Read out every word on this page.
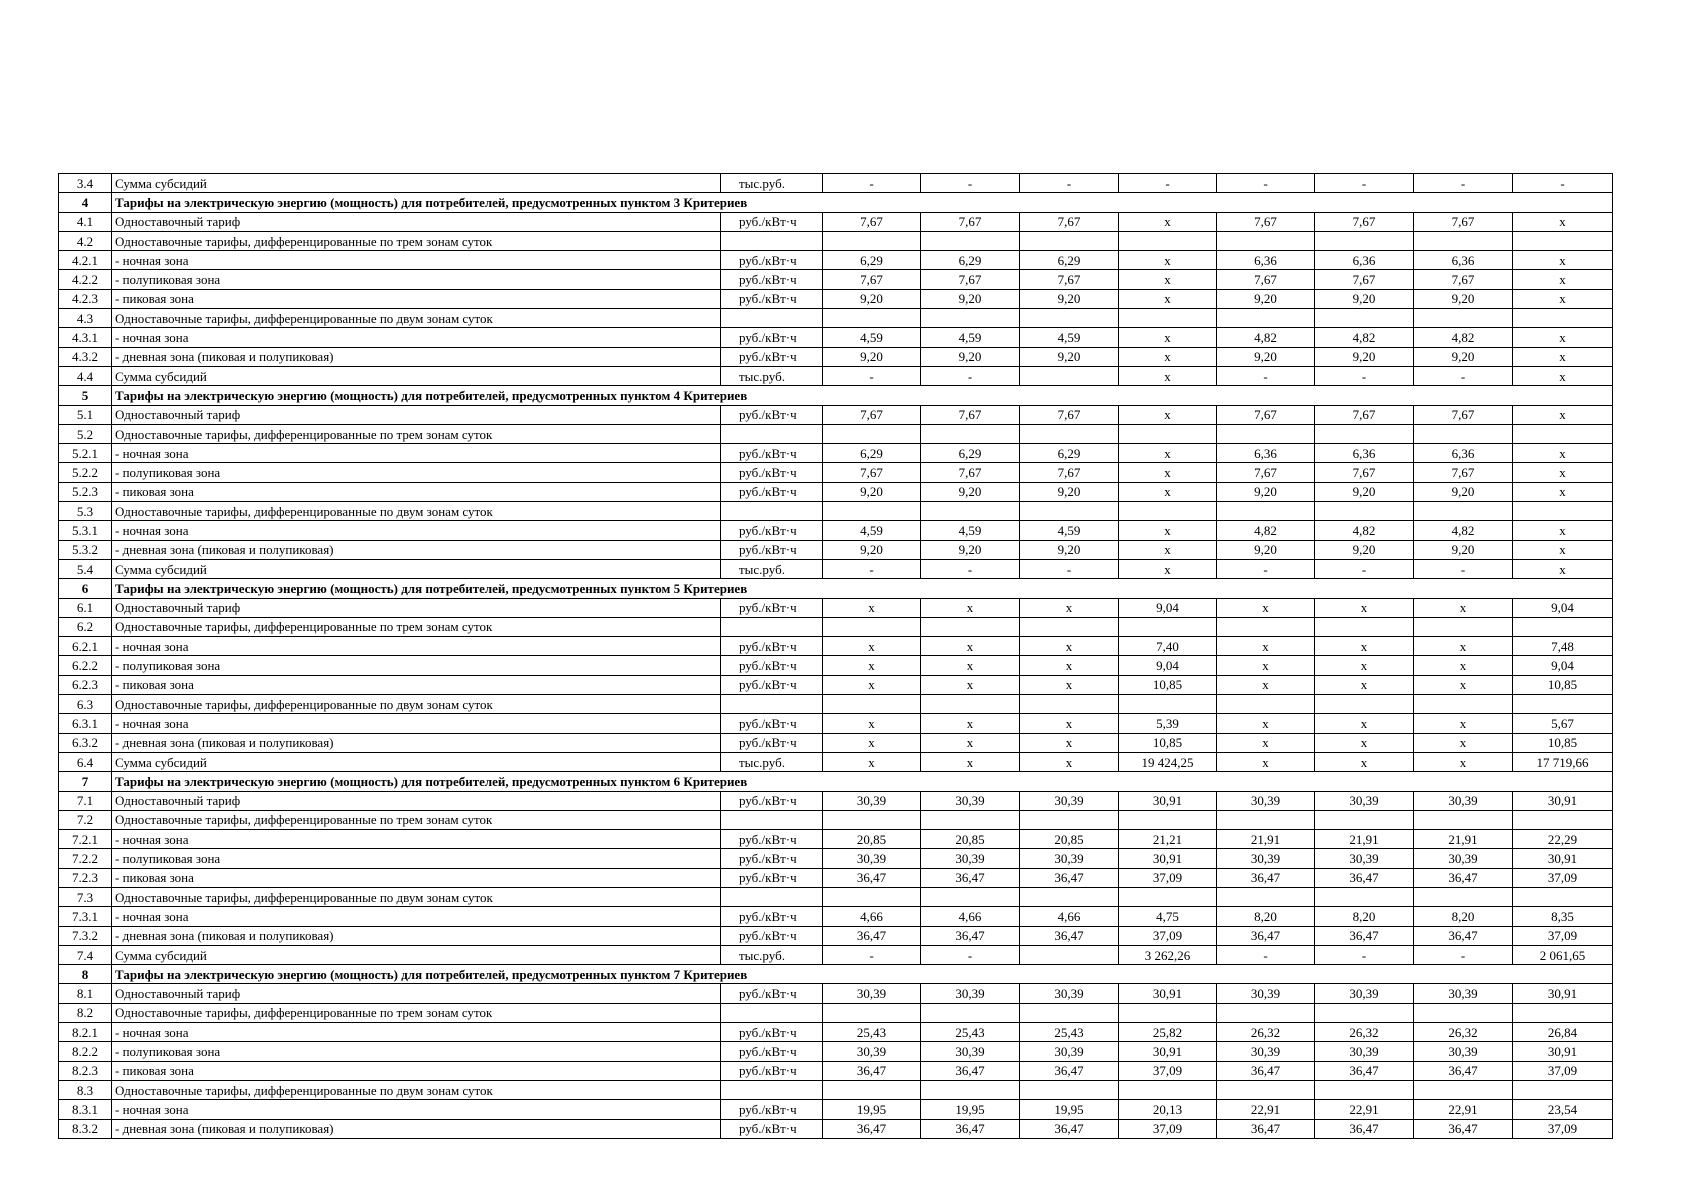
3.4	Сумма субсидий	тыс.руб.	-	-	-	-	-	-	-	-
4	Тарифы на электрическую энергию (мощность) для потребителей, предусмотренных пунктом 3 Критериев									
4.1	Одноставочный тариф	руб./кВт·ч	7,67	7,67	7,67	х	7,67	7,67	7,67	х
4.2	Одноставочные тарифы, дифференцированные по трем зонам суток									
4.2.1	- ночная зона	руб./кВт·ч	6,29	6,29	6,29	х	6,36	6,36	6,36	х
4.2.2	- полупиковая зона	руб./кВт·ч	7,67	7,67	7,67	х	7,67	7,67	7,67	х
4.2.3	- пиковая зона	руб./кВт·ч	9,20	9,20	9,20	х	9,20	9,20	9,20	х
4.3	Одноставочные тарифы, дифференцированные по двум зонам суток									
4.3.1	- ночная зона	руб./кВт·ч	4,59	4,59	4,59	х	4,82	4,82	4,82	х
4.3.2	- дневная зона (пиковая и полупиковая)	руб./кВт·ч	9,20	9,20	9,20	х	9,20	9,20	9,20	х
4.4	Сумма субсидий	тыс.руб.	-	-		х	-	-	-	х
5	Тарифы на электрическую энергию (мощность) для потребителей, предусмотренных пунктом 4 Критериев									
5.1	Одноставочный тариф	руб./кВт·ч	7,67	7,67	7,67	х	7,67	7,67	7,67	х
5.2	Одноставочные тарифы, дифференцированные по трем зонам суток									
5.2.1	- ночная зона	руб./кВт·ч	6,29	6,29	6,29	х	6,36	6,36	6,36	х
5.2.2	- полупиковая зона	руб./кВт·ч	7,67	7,67	7,67	х	7,67	7,67	7,67	х
5.2.3	- пиковая зона	руб./кВт·ч	9,20	9,20	9,20	х	9,20	9,20	9,20	х
5.3	Одноставочные тарифы, дифференцированные по двум зонам суток									
5.3.1	- ночная зона	руб./кВт·ч	4,59	4,59	4,59	х	4,82	4,82	4,82	х
5.3.2	- дневная зона (пиковая и полупиковая)	руб./кВт·ч	9,20	9,20	9,20	х	9,20	9,20	9,20	х
5.4	Сумма субсидий	тыс.руб.	-	-	-	х	-	-	-	х
6	Тарифы на электрическую энергию (мощность) для потребителей, предусмотренных пунктом 5 Критериев									
6.1	Одноставочный тариф	руб./кВт·ч	х	х	х	9,04	х	х	х	9,04
6.2	Одноставочные тарифы, дифференцированные по трем зонам суток									
6.2.1	- ночная зона	руб./кВт·ч	х	х	х	7,40	х	х	х	7,48
6.2.2	- полупиковая зона	руб./кВт·ч	х	х	х	9,04	х	х	х	9,04
6.2.3	- пиковая зона	руб./кВт·ч	х	х	х	10,85	х	х	х	10,85
6.3	Одноставочные тарифы, дифференцированные по двум зонам суток									
6.3.1	- ночная зона	руб./кВт·ч	х	х	х	5,39	х	х	х	5,67
6.3.2	- дневная зона (пиковая и полупиковая)	руб./кВт·ч	х	х	х	10,85	х	х	х	10,85
6.4	Сумма субсидий	тыс.руб.	х	х	х	19 424,25	х	х	х	17 719,66
7	Тарифы на электрическую энергию (мощность) для потребителей, предусмотренных пунктом 6 Критериев									
7.1	Одноставочный тариф	руб./кВт·ч	30,39	30,39	30,39	30,91	30,39	30,39	30,39	30,91
7.2	Одноставочные тарифы, дифференцированные по трем зонам суток									
7.2.1	- ночная зона	руб./кВт·ч	20,85	20,85	20,85	21,21	21,91	21,91	21,91	22,29
7.2.2	- полупиковая зона	руб./кВт·ч	30,39	30,39	30,39	30,91	30,39	30,39	30,39	30,91
7.2.3	- пиковая зона	руб./кВт·ч	36,47	36,47	36,47	37,09	36,47	36,47	36,47	37,09
7.3	Одноставочные тарифы, дифференцированные по двум зонам суток									
7.3.1	- ночная зона	руб./кВт·ч	4,66	4,66	4,66	4,75	8,20	8,20	8,20	8,35
7.3.2	- дневная зона (пиковая и полупиковая)	руб./кВт·ч	36,47	36,47	36,47	37,09	36,47	36,47	36,47	37,09
7.4	Сумма субсидий	тыс.руб.	-	-		3 262,26	-	-	-	2 061,65
8	Тарифы на электрическую энергию (мощность) для потребителей, предусмотренных пунктом 7 Критериев									
8.1	Одноставочный тариф	руб./кВт·ч	30,39	30,39	30,39	30,91	30,39	30,39	30,39	30,91
8.2	Одноставочные тарифы, дифференцированные по трем зонам суток									
8.2.1	- ночная зона	руб./кВт·ч	25,43	25,43	25,43	25,82	26,32	26,32	26,32	26,84
8.2.2	- полупиковая зона	руб./кВт·ч	30,39	30,39	30,39	30,91	30,39	30,39	30,39	30,91
8.2.3	- пиковая зона	руб./кВт·ч	36,47	36,47	36,47	37,09	36,47	36,47	36,47	37,09
8.3	Одноставочные тарифы, дифференцированные по двум зонам суток									
8.3.1	- ночная зона	руб./кВт·ч	19,95	19,95	19,95	20,13	22,91	22,91	22,91	23,54
8.3.2	- дневная зона (пиковая и полупиковая)	руб./кВт·ч	36,47	36,47	36,47	37,09	36,47	36,47	36,47	37,09
